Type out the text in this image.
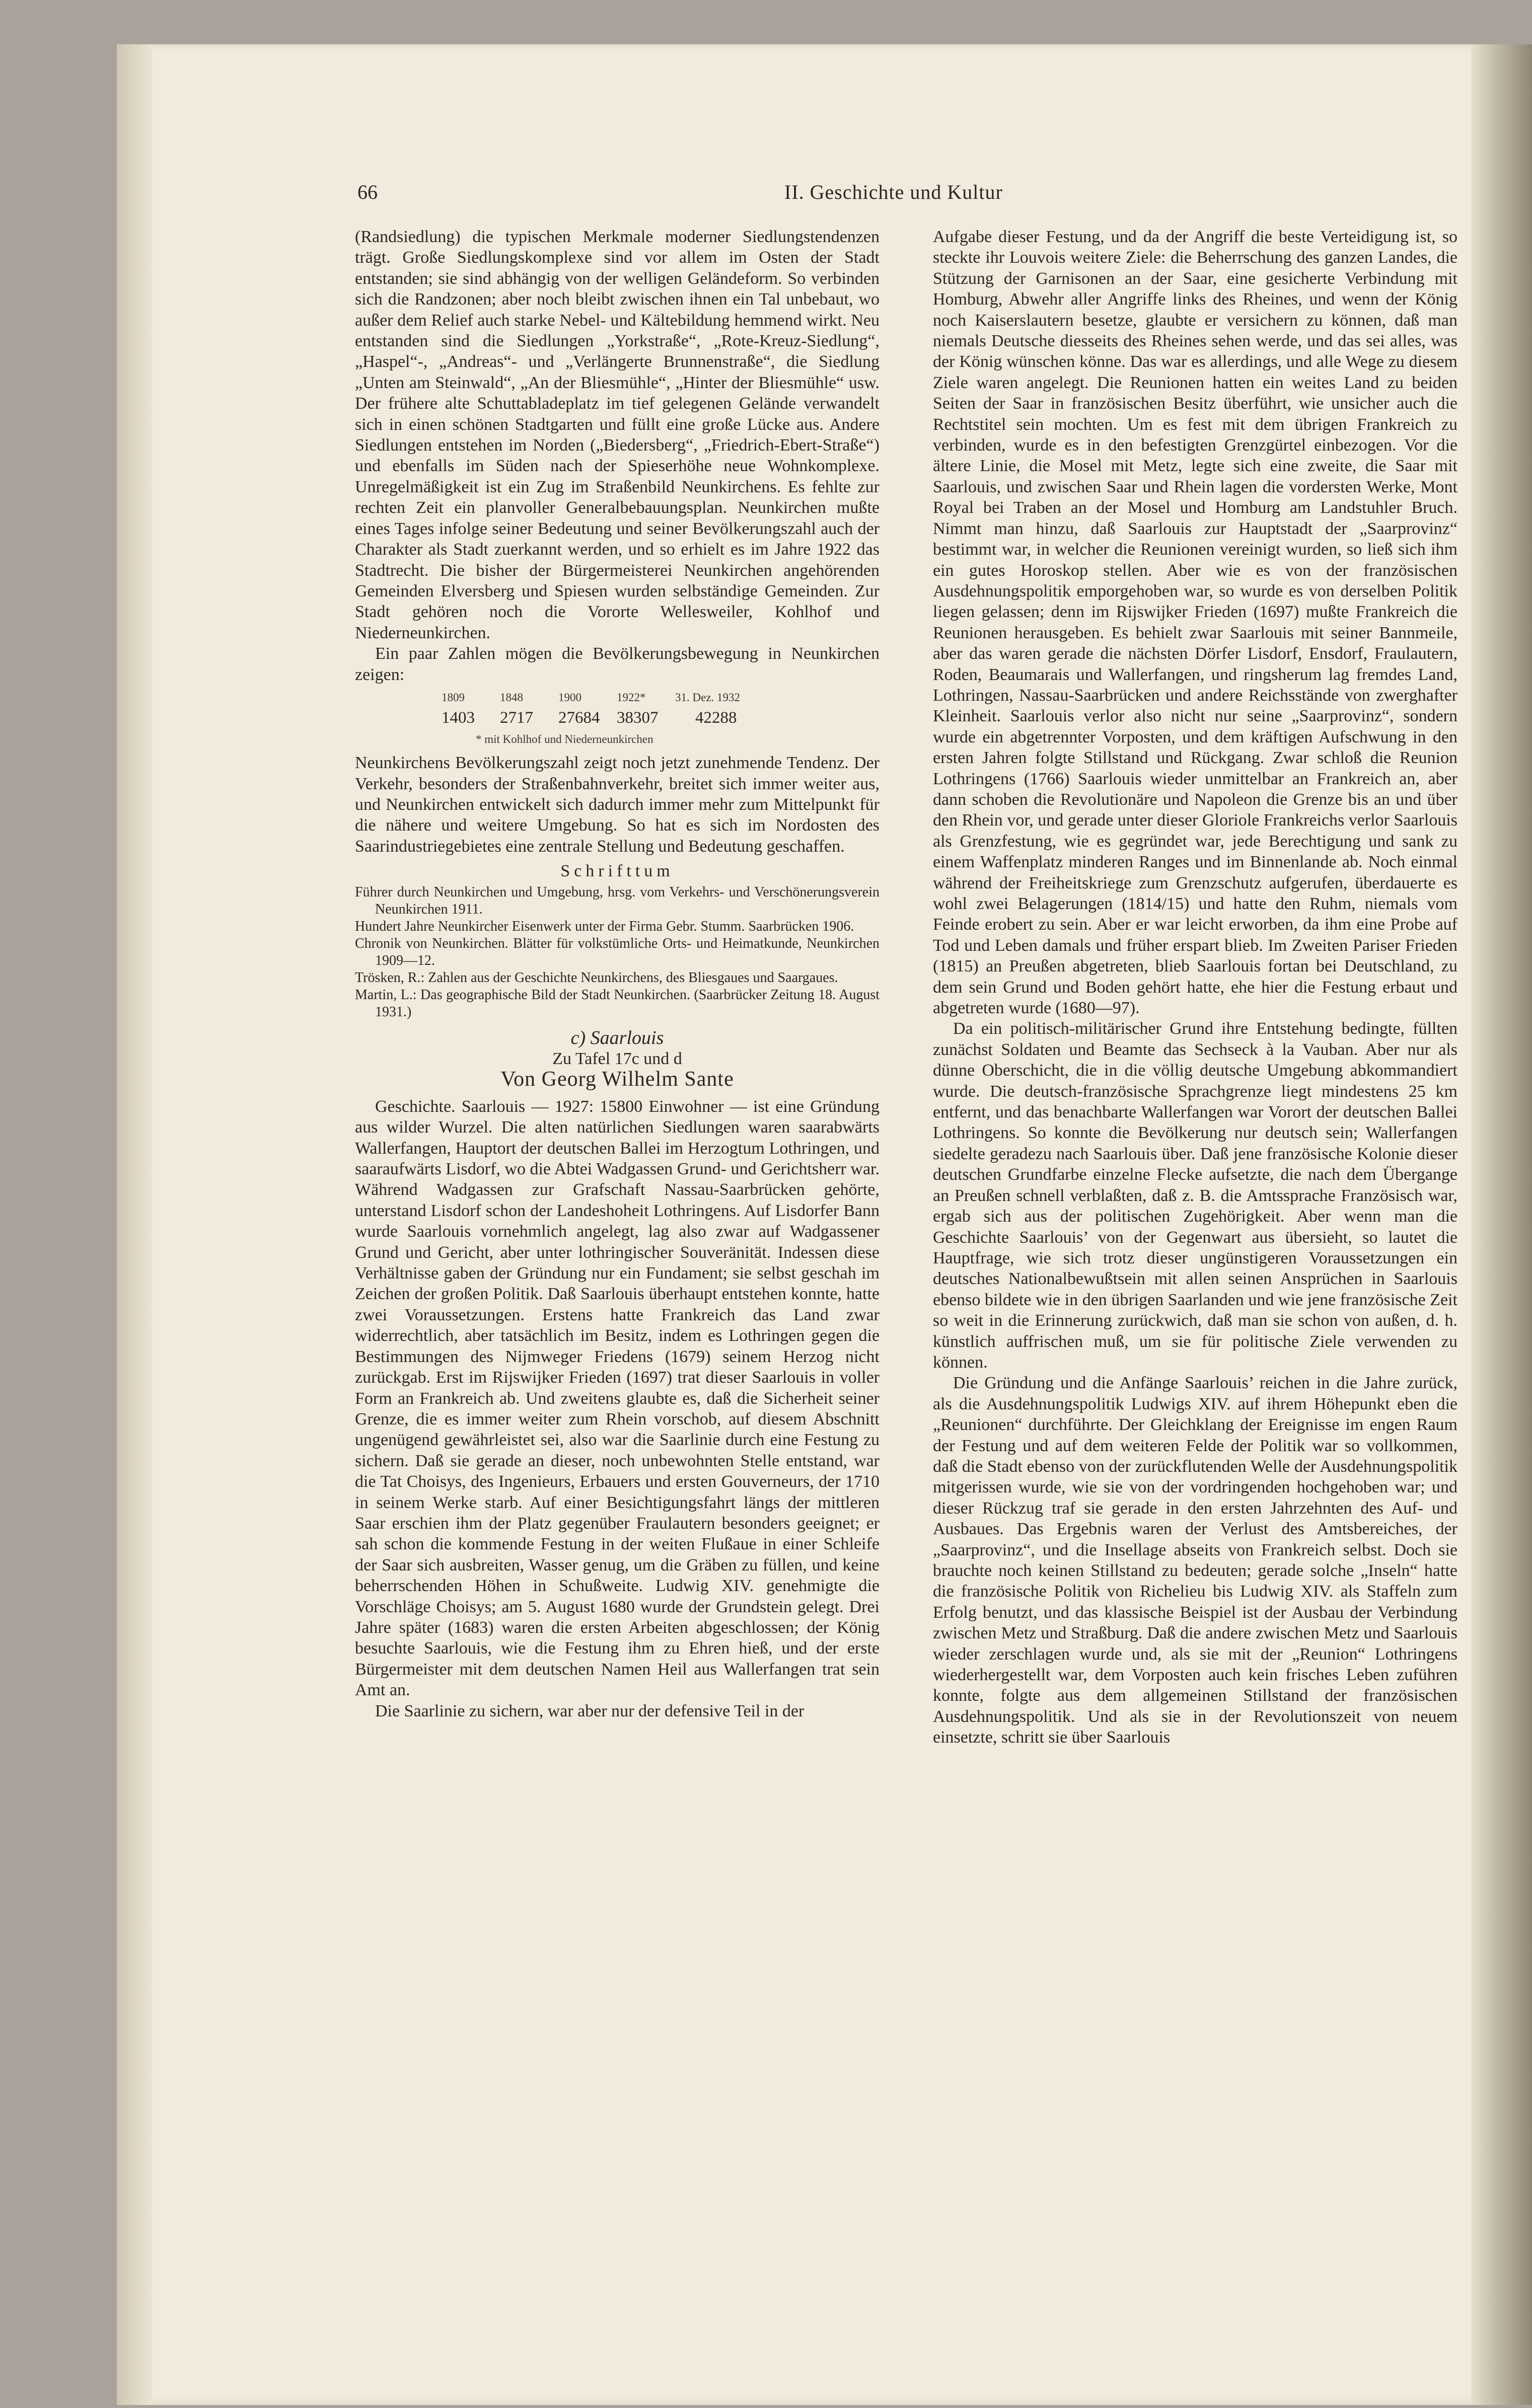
66	II. Geschichte und Kultur

(Randsiedlung) die typischen Merkmale moderner Siedlungstendenzen trägt. Große Siedlungskomplexe sind vor allem im Osten der Stadt entstanden; sie sind abhängig von der welligen Geländeform. So verbinden sich die Randzonen; aber noch bleibt zwischen ihnen ein Tal unbebaut, wo außer dem Relief auch starke Nebel- und Kältebildung hemmend wirkt. Neu entstanden sind die Siedlungen „Yorkstraße“, „Rote-Kreuz-Siedlung“, „Haspel“-, „Andreas“- und „Verlängerte Brunnenstraße“, die Siedlung „Unten am Steinwald“, „An der Bliesmühle“, „Hinter der Bliesmühle“ usw. Der frühere alte Schuttabladeplatz im tief gelegenen Gelände verwandelt sich in einen schönen Stadtgarten und füllt eine große Lücke aus. Andere Siedlungen entstehen im Norden („Biedersberg“, „Friedrich-Ebert-Straße“) und ebenfalls im Süden nach der Spieserhöhe neue Wohnkomplexe. Unregelmäßigkeit ist ein Zug im Straßenbild Neunkirchens. Es fehlte zur rechten Zeit ein planvoller Generalbebauungsplan. Neunkirchen mußte eines Tages infolge seiner Bedeutung und seiner Bevölkerungszahl auch der Charakter als Stadt zuerkannt werden, und so erhielt es im Jahre 1922 das Stadtrecht. Die bisher der Bürgermeisterei Neunkirchen angehörenden Gemeinden Elversberg und Spiesen wurden selbständige Gemeinden. Zur Stadt gehören noch die Vororte Wellesweiler, Kohlhof und Niederneunkirchen.

Ein paar Zahlen mögen die Bevölkerungsbewegung in Neunkirchen zeigen:

1809	1848	1900	1922*	31. Dez. 1932
1403	2717	27684	38307	42288
* mit Kohlhof und Niederneunkirchen

Neunkirchens Bevölkerungszahl zeigt noch jetzt zunehmende Tendenz. Der Verkehr, besonders der Straßenbahnverkehr, breitet sich immer weiter aus, und Neunkirchen entwickelt sich dadurch immer mehr zum Mittelpunkt für die nähere und weitere Umgebung. So hat es sich im Nordosten des Saarindustriegebietes eine zentrale Stellung und Bedeutung geschaffen.

Schrifttum
Führer durch Neunkirchen und Umgebung, hrsg. vom Verkehrs- und Verschönerungsverein Neunkirchen 1911.
Hundert Jahre Neunkircher Eisenwerk unter der Firma Gebr. Stumm. Saarbrücken 1906.
Chronik von Neunkirchen. Blätter für volkstümliche Orts- und Heimatkunde, Neunkirchen 1909—12.
Trösken, R.: Zahlen aus der Geschichte Neunkirchens, des Bliesgaues und Saargaues.
Martin, L.: Das geographische Bild der Stadt Neunkirchen. (Saarbrücker Zeitung 18. August 1931.)
c) Saarlouis
Zu Tafel 17c und d
Von Georg Wilhelm Sante

Geschichte. Saarlouis — 1927: 15800 Einwohner — ist eine Gründung aus wilder Wurzel. Die alten natürlichen Siedlungen waren saarabwärts Wallerfangen, Hauptort der deutschen Ballei im Herzogtum Lothringen, und saaraufwärts Lisdorf, wo die Abtei Wadgassen Grund- und Gerichtsherr war. Während Wadgassen zur Grafschaft Nassau-Saarbrücken gehörte, unterstand Lisdorf schon der Landeshoheit Lothringens. Auf Lisdorfer Bann wurde Saarlouis vornehmlich angelegt, lag also zwar auf Wadgassener Grund und Gericht, aber unter lothringischer Souveränität. Indessen diese Verhältnisse gaben der Gründung nur ein Fundament; sie selbst geschah im Zeichen der großen Politik. Daß Saarlouis überhaupt entstehen konnte, hatte zwei Voraussetzungen. Erstens hatte Frankreich das Land zwar widerrechtlich, aber tatsächlich im Besitz, indem es Lothringen gegen die Bestimmungen des Nijmweger Friedens (1679) seinem Herzog nicht zurückgab. Erst im Rijswijker Frieden (1697) trat dieser Saarlouis in voller Form an Frankreich ab. Und zweitens glaubte es, daß die Sicherheit seiner Grenze, die es immer weiter zum Rhein vorschob, auf diesem Abschnitt ungenügend gewährleistet sei, also war die Saarlinie durch eine Festung zu sichern. Daß sie gerade an dieser, noch unbewohnten Stelle entstand, war die Tat Choisys, des Ingenieurs, Erbauers und ersten Gouverneurs, der 1710 in seinem Werke starb. Auf einer Besichtigungsfahrt längs der mittleren Saar erschien ihm der Platz gegenüber Fraulautern besonders geeignet; er sah schon die kommende Festung in der weiten Flußaue in einer Schleife der Saar sich ausbreiten, Wasser genug, um die Gräben zu füllen, und keine beherrschenden Höhen in Schußweite. Ludwig XIV. genehmigte die Vorschläge Choisys; am 5. August 1680 wurde der Grundstein gelegt. Drei Jahre später (1683) waren die ersten Arbeiten abgeschlossen; der König besuchte Saarlouis, wie die Festung ihm zu Ehren hieß, und der erste Bürgermeister mit dem deutschen Namen Heil aus Wallerfangen trat sein Amt an.

Die Saarlinie zu sichern, war aber nur der defensive Teil in der

Aufgabe dieser Festung, und da der Angriff die beste Verteidigung ist, so steckte ihr Louvois weitere Ziele: die Beherrschung des ganzen Landes, die Stützung der Garnisonen an der Saar, eine gesicherte Verbindung mit Homburg, Abwehr aller Angriffe links des Rheines, und wenn der König noch Kaiserslautern besetze, glaubte er versichern zu können, daß man niemals Deutsche diesseits des Rheines sehen werde, und das sei alles, was der König wünschen könne. Das war es allerdings, und alle Wege zu diesem Ziele waren angelegt. Die Reunionen hatten ein weites Land zu beiden Seiten der Saar in französischen Besitz überführt, wie unsicher auch die Rechtstitel sein mochten. Um es fest mit dem übrigen Frankreich zu verbinden, wurde es in den befestigten Grenzgürtel einbezogen. Vor die ältere Linie, die Mosel mit Metz, legte sich eine zweite, die Saar mit Saarlouis, und zwischen Saar und Rhein lagen die vordersten Werke, Mont Royal bei Traben an der Mosel und Homburg am Landstuhler Bruch. Nimmt man hinzu, daß Saarlouis zur Hauptstadt der „Saarprovinz“ bestimmt war, in welcher die Reunionen vereinigt wurden, so ließ sich ihm ein gutes Horoskop stellen. Aber wie es von der französischen Ausdehnungspolitik emporgehoben war, so wurde es von derselben Politik liegen gelassen; denn im Rijswijker Frieden (1697) mußte Frankreich die Reunionen herausgeben. Es behielt zwar Saarlouis mit seiner Bannmeile, aber das waren gerade die nächsten Dörfer Lisdorf, Ensdorf, Fraulautern, Roden, Beaumarais und Wallerfangen, und ringsherum lag fremdes Land, Lothringen, Nassau-Saarbrücken und andere Reichsstände von zwerghafter Kleinheit. Saarlouis verlor also nicht nur seine „Saarprovinz“, sondern wurde ein abgetrennter Vorposten, und dem kräftigen Aufschwung in den ersten Jahren folgte Stillstand und Rückgang. Zwar schloß die Reunion Lothringens (1766) Saarlouis wieder unmittelbar an Frankreich an, aber dann schoben die Revolutionäre und Napoleon die Grenze bis an und über den Rhein vor, und gerade unter dieser Gloriole Frankreichs verlor Saarlouis als Grenzfestung, wie es gegründet war, jede Berechtigung und sank zu einem Waffenplatz minderen Ranges und im Binnenlande ab. Noch einmal während der Freiheitskriege zum Grenzschutz aufgerufen, überdauerte es wohl zwei Belagerungen (1814/15) und hatte den Ruhm, niemals vom Feinde erobert zu sein. Aber er war leicht erworben, da ihm eine Probe auf Tod und Leben damals und früher erspart blieb. Im Zweiten Pariser Frieden (1815) an Preußen abgetreten, blieb Saarlouis fortan bei Deutschland, zu dem sein Grund und Boden gehört hatte, ehe hier die Festung erbaut und abgetreten wurde (1680—97).

Da ein politisch-militärischer Grund ihre Entstehung bedingte, füllten zunächst Soldaten und Beamte das Sechseck à la Vauban. Aber nur als dünne Oberschicht, die in die völlig deutsche Umgebung abkommandiert wurde. Die deutsch-französische Sprachgrenze liegt mindestens 25 km entfernt, und das benachbarte Wallerfangen war Vorort der deutschen Ballei Lothringens. So konnte die Bevölkerung nur deutsch sein; Wallerfangen siedelte geradezu nach Saarlouis über. Daß jene französische Kolonie dieser deutschen Grundfarbe einzelne Flecke aufsetzte, die nach dem Übergange an Preußen schnell verblaßten, daß z. B. die Amtssprache Französisch war, ergab sich aus der politischen Zugehörigkeit. Aber wenn man die Geschichte Saarlouis’ von der Gegenwart aus übersieht, so lautet die Hauptfrage, wie sich trotz dieser ungünstigeren Voraussetzungen ein deutsches Nationalbewußtsein mit allen seinen Ansprüchen in Saarlouis ebenso bildete wie in den übrigen Saarlanden und wie jene französische Zeit so weit in die Erinnerung zurückwich, daß man sie schon von außen, d. h. künstlich auffrischen muß, um sie für politische Ziele verwenden zu können.

Die Gründung und die Anfänge Saarlouis’ reichen in die Jahre zurück, als die Ausdehnungspolitik Ludwigs XIV. auf ihrem Höhepunkt eben die „Reunionen“ durchführte. Der Gleichklang der Ereignisse im engen Raum der Festung und auf dem weiteren Felde der Politik war so vollkommen, daß die Stadt ebenso von der zurückflutenden Welle der Ausdehnungspolitik mitgerissen wurde, wie sie von der vordringenden hochgehoben war; und dieser Rückzug traf sie gerade in den ersten Jahrzehnten des Auf- und Ausbaues. Das Ergebnis waren der Verlust des Amtsbereiches, der „Saarprovinz“, und die Insellage abseits von Frankreich selbst. Doch sie brauchte noch keinen Stillstand zu bedeuten; gerade solche „Inseln“ hatte die französische Politik von Richelieu bis Ludwig XIV. als Staffeln zum Erfolg benutzt, und das klassische Beispiel ist der Ausbau der Verbindung zwischen Metz und Straßburg. Daß die andere zwischen Metz und Saarlouis wieder zerschlagen wurde und, als sie mit der „Reunion“ Lothringens wiederhergestellt war, dem Vorposten auch kein frisches Leben zuführen konnte, folgte aus dem allgemeinen Stillstand der französischen Ausdehnungspolitik. Und als sie in der Revolutionszeit von neuem einsetzte, schritt sie über Saarlouis
